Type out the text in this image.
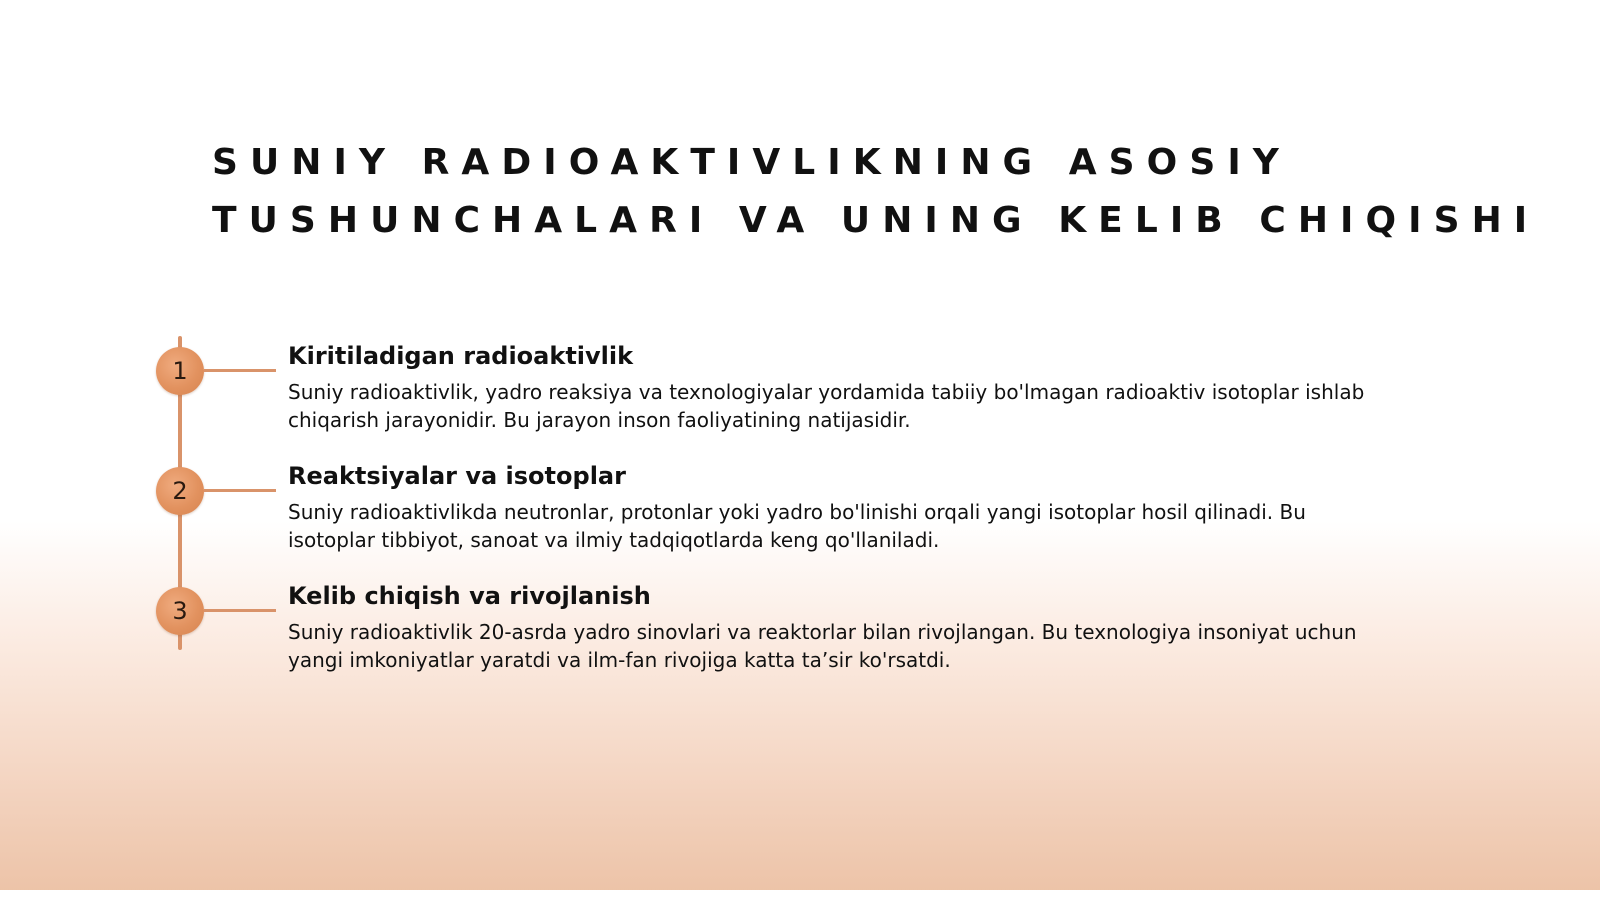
SUNIY RADIOAKTIVLIKNING ASOSIY
TUSHUNCHALARI VA UNING KELIB CHIQISHI
1
Kiritiladigan radioaktivlik

Suniy radioaktivlik, yadro reaksiya va texnologiyalar yordamida tabiiy bo'lmagan radioaktiv isotoplar ishlab
chiqarish jarayonidir. Bu jarayon inson faoliyatining natijasidir.

2
Reaktsiyalar va isotoplar

Suniy radioaktivlikda neutronlar, protonlar yoki yadro bo'linishi orqali yangi isotoplar hosil qilinadi. Bu
isotoplar tibbiyot, sanoat va ilmiy tadqiqotlarda keng qo'llaniladi.

3
Kelib chiqish va rivojlanish

Suniy radioaktivlik 20-asrda yadro sinovlari va reaktorlar bilan rivojlangan. Bu texnologiya insoniyat uchun
yangi imkoniyatlar yaratdi va ilm-fan rivojiga katta ta’sir ko'rsatdi.
